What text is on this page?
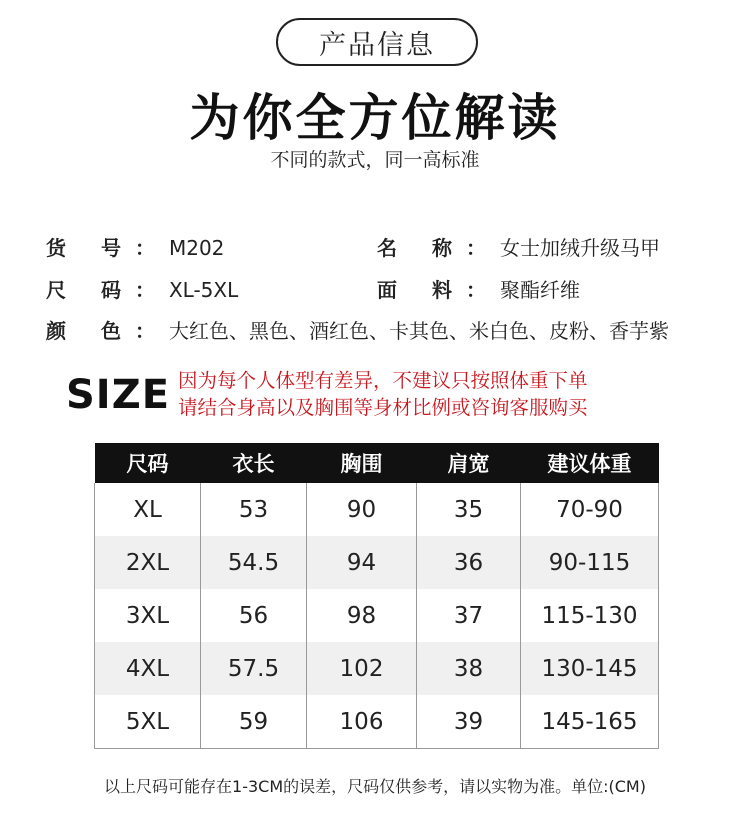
产品信息
为你全方位解读
不同的款式，同一高标准
货 号：M202	名 称：女士加绒升级马甲
尺 码：XL-5XL	面 料：聚酯纤维
颜 色：大红色、黑色、酒红色、卡其色、米白色、皮粉、香芋紫
SIZE 因为每个人体型有差异，不建议只按照体重下单
请结合身高以及胸围等身材比例或咨询客服购买
尺码	衣长	胸围	肩宽	建议体重
XL	53	90	35	70-90
2XL	54.5	94	36	90-115
3XL	56	98	37	115-130
4XL	57.5	102	38	130-145
5XL	59	106	39	145-165
以上尺码可能存在1-3CM的误差，尺码仅供参考，请以实物为准。单位:(CM)
